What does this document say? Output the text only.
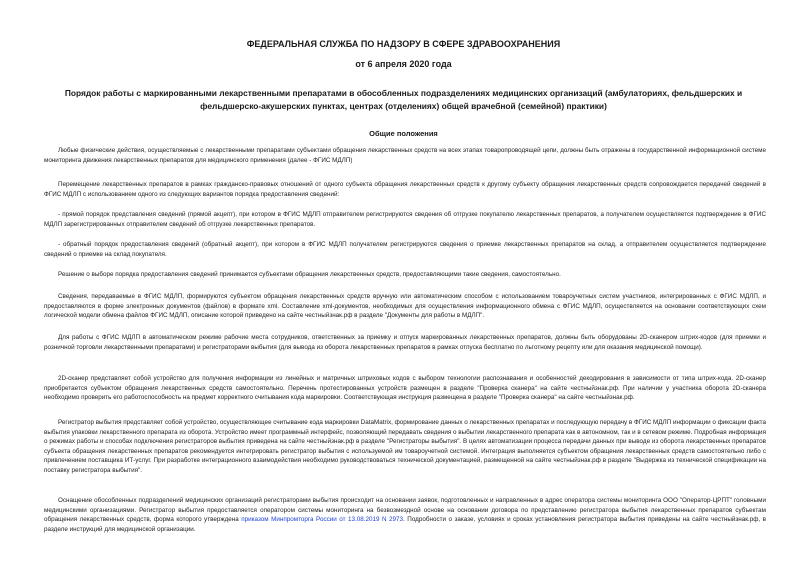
ФЕДЕРАЛЬНАЯ СЛУЖБА ПО НАДЗОРУ В СФЕРЕ ЗДРАВООХРАНЕНИЯ
от 6 апреля 2020 года
Порядок работы с маркированными лекарственными препаратами в обособленных подразделениях медицинских организаций (амбулаториях, фельдшерских и
фельдшерско-акушерских пунктах, центрах (отделениях) общей врачебной (семейной) практики)
Общие положения
Любые физические действия, осуществляемые с лекарственными препаратами субъектами обращения лекарственных средств на всех этапах товаропроводящей цепи, должны быть отражены в государственной информационной системе мониторинга движения лекарственных препаратов для медицинского применения (далее - ФГИС МДЛП)
Перемещение лекарственных препаратов в рамках гражданско-правовых отношений от одного субъекта обращения лекарственных средств к другому субъекту обращения лекарственных средств сопровождается передачей сведений в ФГИС МДЛП с использованием одного из следующих вариантов порядка предоставления сведений:
- прямой порядок представления сведений (прямой акцепт), при котором в ФГИС МДЛП отправителем регистрируются сведения об отгрузке покупателю лекарственных препаратов, а получателем осуществляется подтверждение в ФГИС МДЛП зарегистрированных отправителем сведений об отгрузке лекарственных препаратов.
- обратный порядок предоставления сведений (обратный акцепт), при котором в ФГИС МДЛП получателем регистрируются сведения о приемке лекарственных препаратов на склад, а отправителем осуществляется подтверждение сведений о приемке на склад покупателя.
Решение о выборе порядка предоставления сведений принимается субъектами обращения лекарственных средств, предоставляющими такие сведения, самостоятельно.
Сведения, передаваемые в ФГИС МДЛП, формируются субъектом обращения лекарственных средств вручную или автоматическим способом с использованием товароучетных систем участников, интегрированных с ФГИС МДЛП, и предоставляются в форме электронных документов (файлов) в формате xml. Составление xml-документов, необходимых для осуществления информационного обмена с ФГИС МДЛП, осуществляется на основании соответствующих схем логической модели обмена файлов ФГИС МДЛП, описание которой приведено на сайте честныйзнак.рф в разделе "Документы для работы в МДЛП".
Для работы с ФГИС МДЛП в автоматическом режиме рабочие места сотрудников, ответственных за приемку и отпуск маркированных лекарственных препаратов, должны быть оборудованы 2D-сканером штрих-кодов (для приемки и розничной торговли лекарственными препаратами) и регистраторами выбытия (для вывода из оборота лекарственных препаратов в рамках отпуска бесплатно по льготному рецепту или для оказания медицинской помощи).
2D-сканер представляет собой устройство для получения информации из линейных и матричных штриховых кодов с выбором технологии распознавания и особенностей декодирования в зависимости от типа штрих-кода. 2D-сканер приобретается субъектом обращения лекарственных средств самостоятельно. Перечень протестированных устройств размещен в разделе "Проверка сканера" на сайте честныйзнак.рф. При наличии у участника оборота 2D-сканера необходимо проверить его работоспособность на предмет корректного считывания кода маркировки. Соответствующая инструкция размещена в разделе "Проверка сканера" на сайте честныйзнак.рф.
Регистратор выбытия представляет собой устройство, осуществляющее считывание кода маркировки DataMatrix, формирование данных о лекарственных препаратах и последующую передачу в ФГИС МДЛП информации о фиксации факта выбытия упаковки лекарственного препарата из оборота. Устройство имеет программный интерфейс, позволяющий передавать сведения о выбытии лекарственного препарата как в автономном, так и в сетевом режиме. Подробная информация о режимах работы и способах подключения регистраторов выбытия приведена на сайте честныйзнак.рф в разделе "Регистраторы выбытия". В целях автоматизации процесса передачи данных при выводе из оборота лекарственных препаратов субъекта обращения лекарственных препаратов рекомендуется интегрировать регистратор выбытия с используемой им товароучетной системой. Интеграция выполняется субъектом обращения лекарственных средств самостоятельно либо с привлечением поставщика ИТ-услуг. При разработке интеграционного взаимодействия необходимо руководствоваться технической документацией, размещенной на сайте честныйзнак.рф в разделе "Выдержка из технической спецификации на поставку регистратора выбытия".
Оснащение обособленных подразделений медицинских организаций регистраторами выбытия происходит на основании заявок, подготовленных и направленных в адрес оператора системы мониторинга ООО "Оператор-ЦРПТ" головными медицинскими организациями. Регистратор выбытия предоставляется оператором системы мониторинга на безвозмездной основе на основании договора по представлению регистратора выбытия лекарственных препаратов субъектам обращения лекарственных средств, форма которого утверждена приказом Минпромторга России от 13.08.2019 N 2973. Подробности о заказе, условиях и сроках установления регистратора выбытия приведены на сайте честныйзнак.рф, в разделе инструкций для медицинской организации.
